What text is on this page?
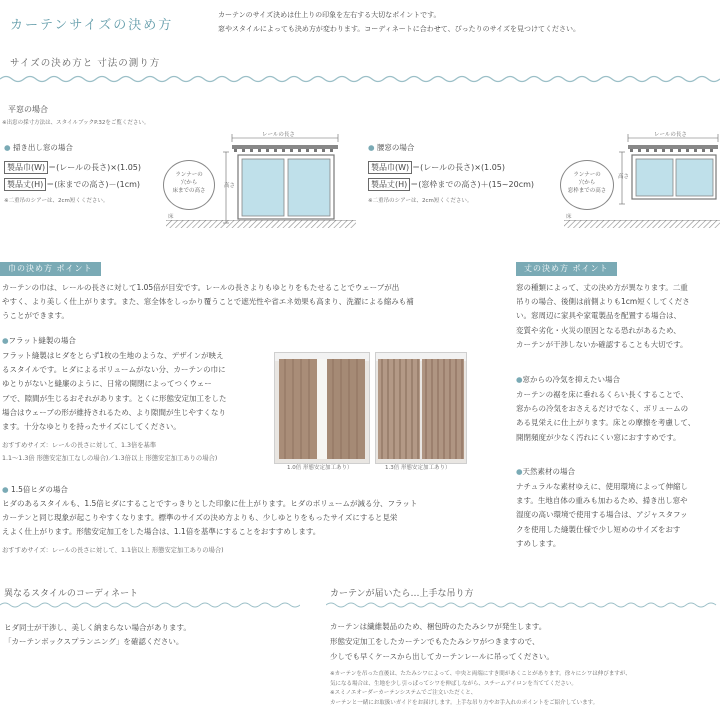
カーテンサイズの決め方
カーテンのサイズ決めは仕上りの印象を左右する大切なポイントです。
窓やスタイルによっても決め方が変わります。コーディネートに合わせて、ぴったりのサイズを見つけてください。
サイズの決め方と 寸法の測り方
平窓の場合
※出窓の採寸方法は、スタイルブックP.32をご覧ください。
● 掃き出し窓の場合
製品巾(W) ＝(レールの長さ)×(1.05)
製品丈(H) ＝(床までの高さ)－(1cm)
※二重吊のシアーは、2cm短くください。
ランナーの
穴から
床までの高さ
レールの長さ
高さ
床
● 腰窓の場合
製品巾(W) ＝(レールの長さ)×(1.05)
製品丈(H) ＝(窓枠までの高さ)＋(15~20cm)
※二重吊のシアーは、2cm短くください。
ランナーの
穴から
窓枠までの高さ
レールの長さ
高さ
床
巾の決め方 ポイント
カーテンの巾は、レールの長さに対して1.05倍が目安です。レールの長さよりもゆとりをもたせることでウェーブが出
やすく、より美しく仕上がります。また、窓全体をしっかり覆うことで遮光性や省エネ効果も高まり、洗濯による縮みも補
うことができます。
●フラット縫製の場合
フラット縫製はヒダをとらず1枚の生地のような、デザインが映え
るスタイルです。ヒダによるボリュームがない分、カーテンの巾に
ゆとりがないと縫廉のように、日常の開閉によってつくウェー
ブで、隙間が生じるおそれがあります。とくに形態安定加工をした
場合はウェーブの形が維持されるため、より隙間が生じやすくなり
ます。十分なゆとりを持ったサイズにしてください。
おすすめサイズ：レールの長さに対して、1.3倍を基準
1.1～1.3倍 形態安定加工なしの場合)／1.3倍以上 形態安定加工ありの場合)
1.0倍 形態安定加工あり）	1.3倍 形態安定加工あり）
● 1.5倍ヒダの場合
ヒダのあるスタイルも、1.5倍ヒダにすることですっきりとした印象に仕上がります。ヒダのボリュームが減る分、フラット
カーテンと同じ現象が起こりやすくなります。標準のサイズの決め方よりも、少しゆとりをもったサイズにすると見栄
えよく仕上がります。形態安定加工をした場合は、1.1倍を基準にすることをおすすめします。
おすすめサイズ：レールの長さに対して、1.1倍以上 形態安定加工ありの場合)
丈の決め方 ポイント
窓の種類によって、丈の決め方が異なります。二重
吊りの場合、後側は前側よりも1cm短くしてくださ
い。窓周辺に家具や家電製品を配置する場合は、
変質や劣化・火災の原因となる恐れがあるため、
カーテンが干渉しないか確認することも大切です。
●窓からの冷気を抑えたい場合
カーテンの裾を床に垂れるくらい長くすることで、
窓からの冷気をおさえるだけでなく、ボリュームの
ある見栄えに仕上がります。床との摩擦を考慮して、
開閉頻度が少なく汚れにくい窓におすすめです。
●天然素材の場合
ナチュラルな素材ゆえに、使用環境によって伸縮し
ます。生地自体の重みも加わるため、掃き出し窓や
湿度の高い環境で使用する場合は、アジャスタフッ
クを使用した縫製仕様で少し短めのサイズをおす
すめします。
異なるスタイルのコーディネート
ヒダ同士が干渉し、美しく納まらない場合があります。
「カーテンボックスプランニング」を確認ください。
カーテンが届いたら…上手な吊り方
カーテンは繊維製品のため、梱包時のたたみシワが発生します。
形態安定加工をしたカーテンでもたたみシワがつきますので、
少しでも早くケースから出してカーテンレールに吊ってください。
※カーテンを吊った直後は、たたみシワによって、中央と両端にすき間があくことがあります。徐々にシワは伸びますが、
気になる場合は、生地を少し引っぱってシワを伸ばしながら、スチームアイロンを当ててください。
※スミノエオーダーカーテンシステムでご注文いただくと、
カーテンと一緒にお取扱いガイドをお届けします。上手な吊り方やお手入れのポイントをご紹介しています。
